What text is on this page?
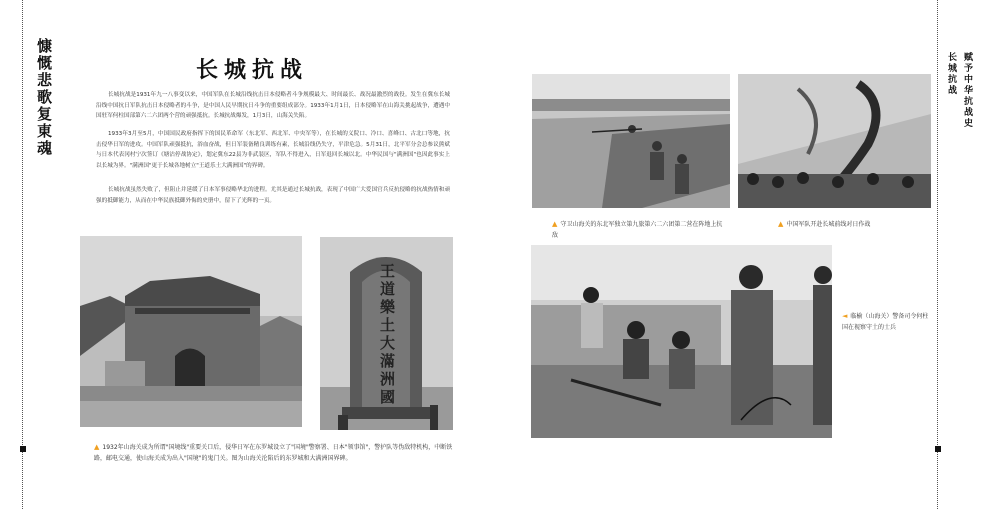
慷慨悲歌复東魂	赋予中华抗战史
长城抗战
长城抗战

长城抗战是1931年九一八事变以来，中国军队在长城沿线抗击日本侵略者斗争规模最大、时间最长、战况最激烈的战役。发生在冀东长城沿线中国抗日军队抗击日本侵略者的斗争，是中国人民早期抗日斗争的重要组成部分。1933年1月1日，日本侵略军在山海关挑起战争，遭遇中国驻军何柱国部第六二六团两个营的顽强抵抗。长城抗战爆发，1月3日，山海关失陷。

1933年3月至5月，中国国民政府指挥下的国民革命军（东北军、西北军、中央军等），在长城的义院口、冷口、喜峰口、古北口等地，抗击侵华日军的进攻。中国军队顽强抵抗，浴血奋战，但日军装备精良训练有素，长城沿线仍失守，平津危急。5月31日，北平军分会总参议熊斌与日本代表冈村宁次签订《塘沽停战协定》，划定冀东22县为非武装区，军队不得进入，日军退回长城以北。中华民国与"满洲国"也因此事实上以长城为界。"满洲国"更于长城各地树立"王道乐土大满洲国"的界碑。

长城抗战虽然失败了，但阻止并延缓了日本军事侵略华北的进程。尤其是通过长城抗战，表现了中国广大爱国官兵反抗侵略的抗战热情和顽强的抵御能力，从而在中华民族抵御外侮的史册中，留下了光辉的一页。

王道樂土大滿洲國
▲ 1932年山海关成为所谓"国境线"重要关口后，侵华日军在东罗城设立了"国境"警察署、日本"领事馆"，警护队等伪敌特机构，中断铁路，邮电交通，使山海关成为出入"国境"的鬼门关。图为山海关沦陷后的东罗城和大满洲国界碑。
▲ 守卫山海关的东北军独立第九旅第六二六团第二营在阵地上抗敌
▲ 中国军队开赴长城前线对日作战
◄ 临榆（山海关）警备司令何柱国在视察守土的士兵
